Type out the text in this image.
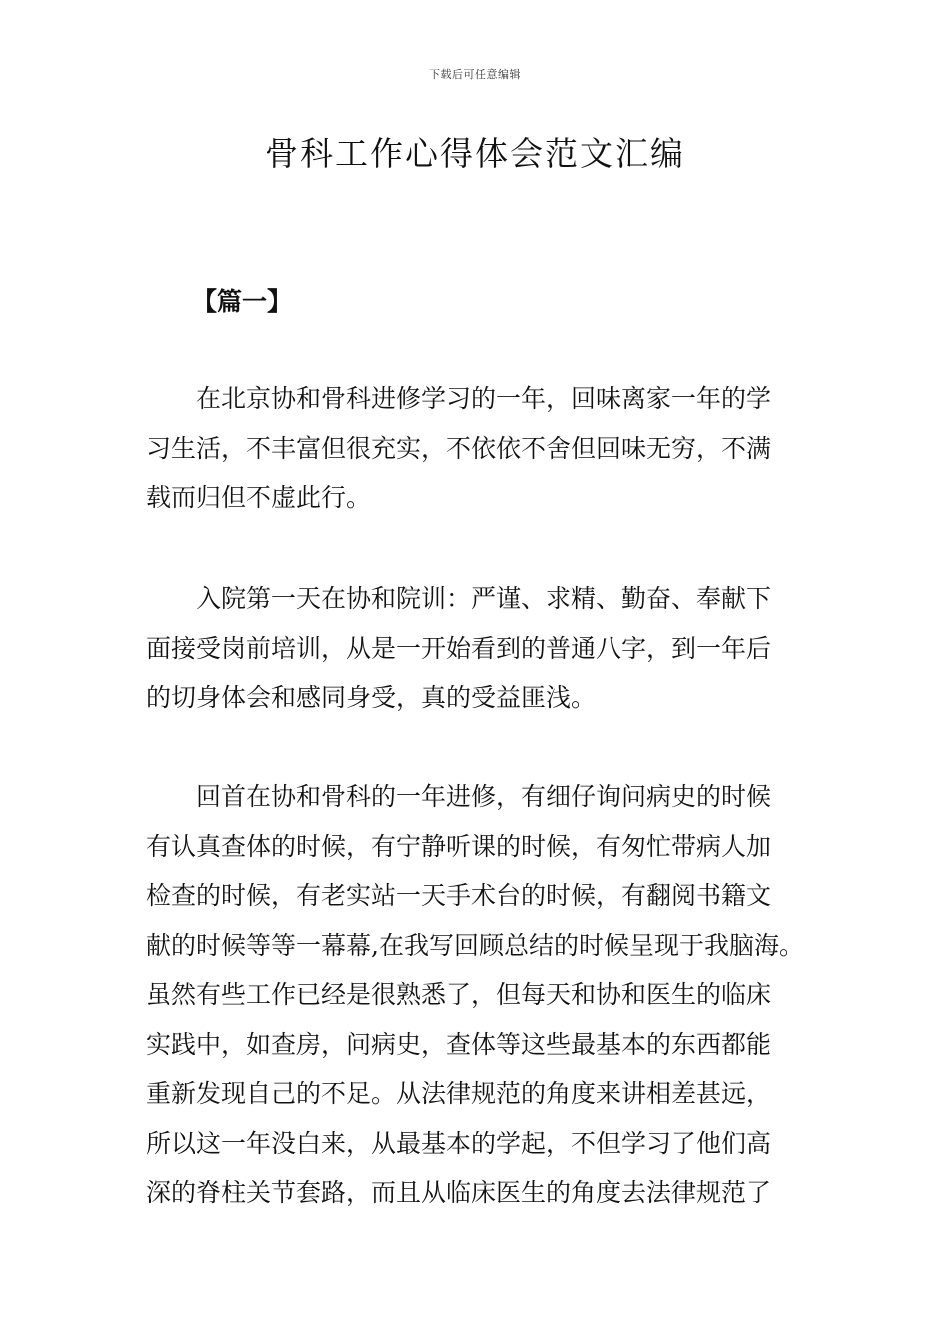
下载后可任意编辑
骨科工作心得体会范文汇编
【篇一】
在北京协和骨科进修学习的一年，回味离家一年的学
习生活，不丰富但很充实，不依依不舍但回味无穷，不满
载而归但不虚此行。
入院第一天在协和院训：严谨、求精、勤奋、奉献下
面接受岗前培训，从是一开始看到的普通八字，到一年后
的切身体会和感同身受，真的受益匪浅。
回首在协和骨科的一年进修，有细仔询问病史的时候
有认真查体的时候，有宁静听课的时候，有匆忙带病人加
检查的时候，有老实站一天手术台的时候，有翻阅书籍文
献的时候等等一幕幕,在我写回顾总结的时候呈现于我脑海。
虽然有些工作已经是很熟悉了，但每天和协和医生的临床
实践中，如查房，问病史，查体等这些最基本的东西都能
重新发现自己的不足。从法律规范的角度来讲相差甚远，
所以这一年没白来，从最基本的学起，不但学习了他们高
深的脊柱关节套路，而且从临床医生的角度去法律规范了
